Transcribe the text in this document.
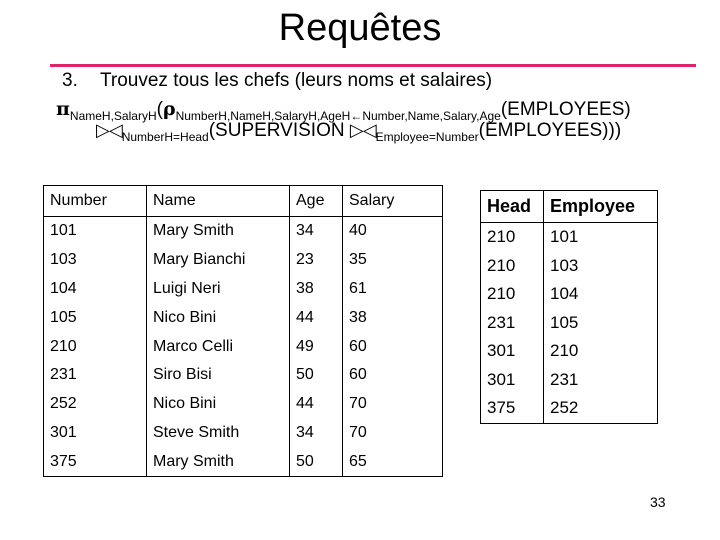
Requêtes
3. Trouvez tous les chefs (leurs noms et salaires)
$\pi_{NameH,SalaryH}(\rho_{NumberH,NameH,SalaryH,AgeH\leftarrow Number,Name,Salary,Age}(EMPLOYEES)$
$▷◁_{NumberH=Head}(SUPERVISION$ $▷◁_{Employee=Number}(EMPLOYEES)$))
Number	Name	Age	Salary
101	Mary Smith	34	40
103	Mary Bianchi	23	35
104	Luigi Neri	38	61
105	Nico Bini	44	38
210	Marco Celli	49	60
231	Siro Bisi	50	60
252	Nico Bini	44	70
301	Steve Smith	34	70
375	Mary Smith	50	65
Head	Employee
210	101
210	103
210	104
231	105
301	210
301	231
375	252
33
